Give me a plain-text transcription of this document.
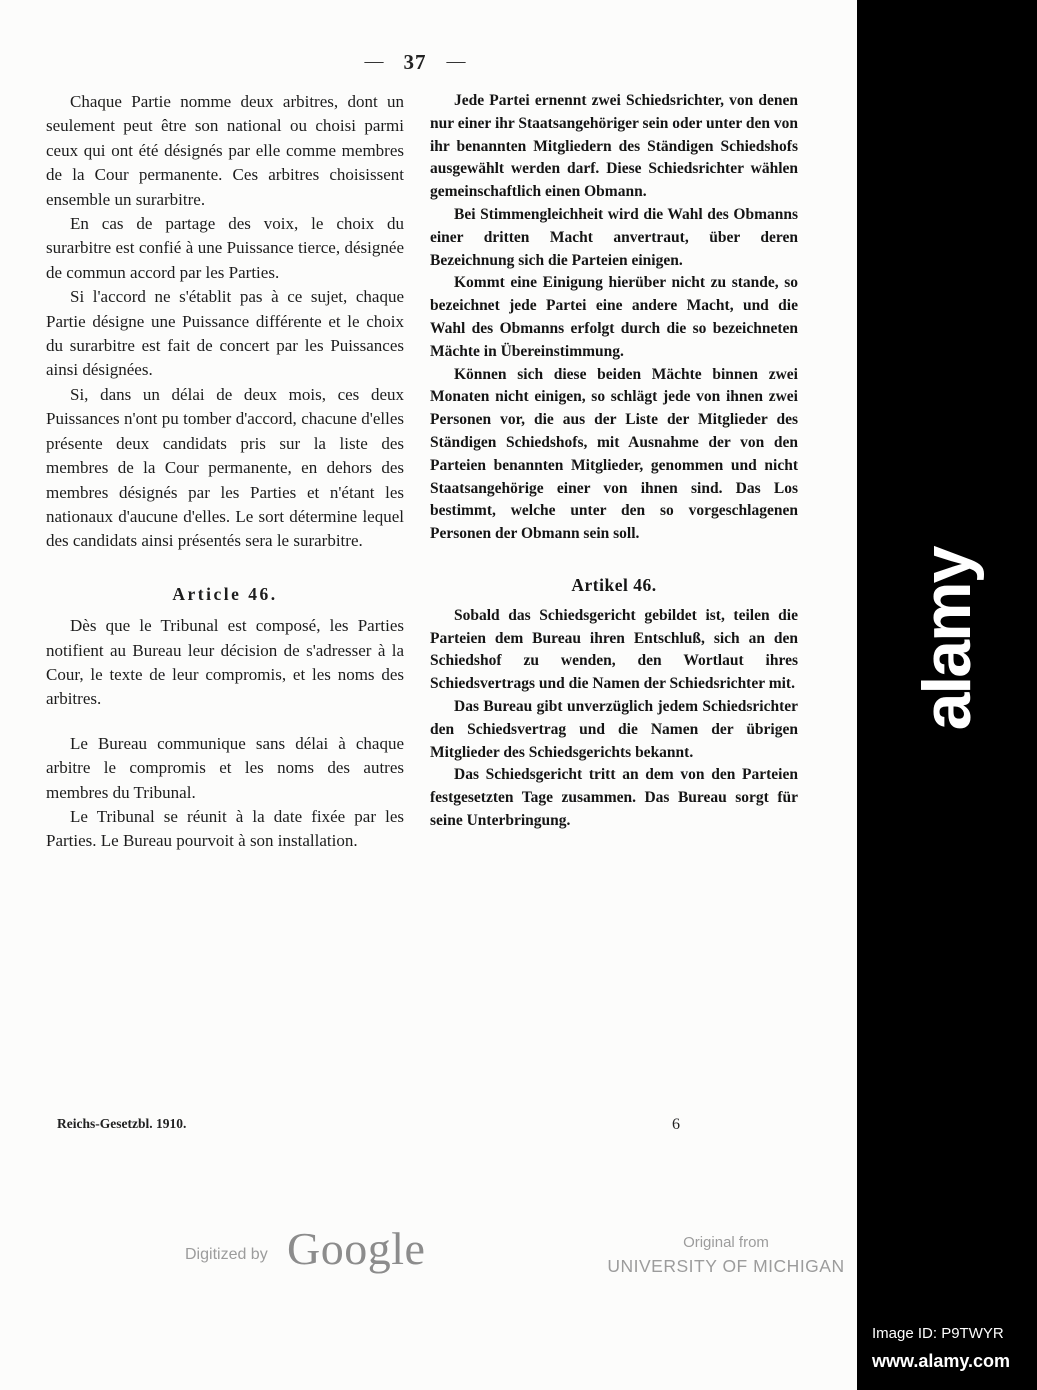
— 37 —

Chaque Partie nomme deux arbitres, dont un seulement peut être son national ou choisi parmi ceux qui ont été désignés par elle comme membres de la Cour permanente. Ces arbitres choisissent ensemble un surarbitre.

En cas de partage des voix, le choix du surarbitre est confié à une Puissance tierce, désignée de commun accord par les Parties.

Si l'accord ne s'établit pas à ce sujet, chaque Partie désigne une Puissance différente et le choix du surarbitre est fait de concert par les Puissances ainsi désignées.

Si, dans un délai de deux mois, ces deux Puissances n'ont pu tomber d'accord, chacune d'elles présente deux candidats pris sur la liste des membres de la Cour permanente, en dehors des membres désignés par les Parties et n'étant les nationaux d'aucune d'elles. Le sort détermine lequel des candidats ainsi présentés sera le surarbitre.

Article 46.

Dès que le Tribunal est composé, les Parties notifient au Bureau leur décision de s'adresser à la Cour, le texte de leur compromis, et les noms des arbitres.

Le Bureau communique sans délai à chaque arbitre le compromis et les noms des autres membres du Tribunal.

Le Tribunal se réunit à la date fixée par les Parties. Le Bureau pourvoit à son installation.

Jede Partei ernennt zwei Schiedsrichter, von denen nur einer ihr Staatsangehöriger sein oder unter den von ihr benannten Mitgliedern des Ständigen Schiedshofs ausgewählt werden darf. Diese Schiedsrichter wählen gemeinschaftlich einen Obmann.

Bei Stimmengleichheit wird die Wahl des Obmanns einer dritten Macht anvertraut, über deren Bezeichnung sich die Parteien einigen.

Kommt eine Einigung hierüber nicht zu stande, so bezeichnet jede Partei eine andere Macht, und die Wahl des Obmanns erfolgt durch die so bezeichneten Mächte in Übereinstimmung.

Können sich diese beiden Mächte binnen zwei Monaten nicht einigen, so schlägt jede von ihnen zwei Personen vor, die aus der Liste der Mitglieder des Ständigen Schiedshofs, mit Ausnahme der von den Parteien benannten Mitglieder, genommen und nicht Staatsangehörige einer von ihnen sind. Das Los bestimmt, welche unter den so vorgeschlagenen Personen der Obmann sein soll.

Artikel 46.

Sobald das Schiedsgericht gebildet ist, teilen die Parteien dem Bureau ihren Entschluß, sich an den Schiedshof zu wenden, den Wortlaut ihres Schiedsvertrags und die Namen der Schiedsrichter mit.

Das Bureau gibt unverzüglich jedem Schiedsrichter den Schiedsvertrag und die Namen der übrigen Mitglieder des Schiedsgerichts bekannt.

Das Schiedsgericht tritt an dem von den Parteien festgesetzten Tage zusammen. Das Bureau sorgt für seine Unterbringung.

Reichs-Gesetzbl. 1910.	6
Digitized by Google	Original from
UNIVERSITY OF MICHIGAN
alamy
Image ID: P9TWYR
www.alamy.com
